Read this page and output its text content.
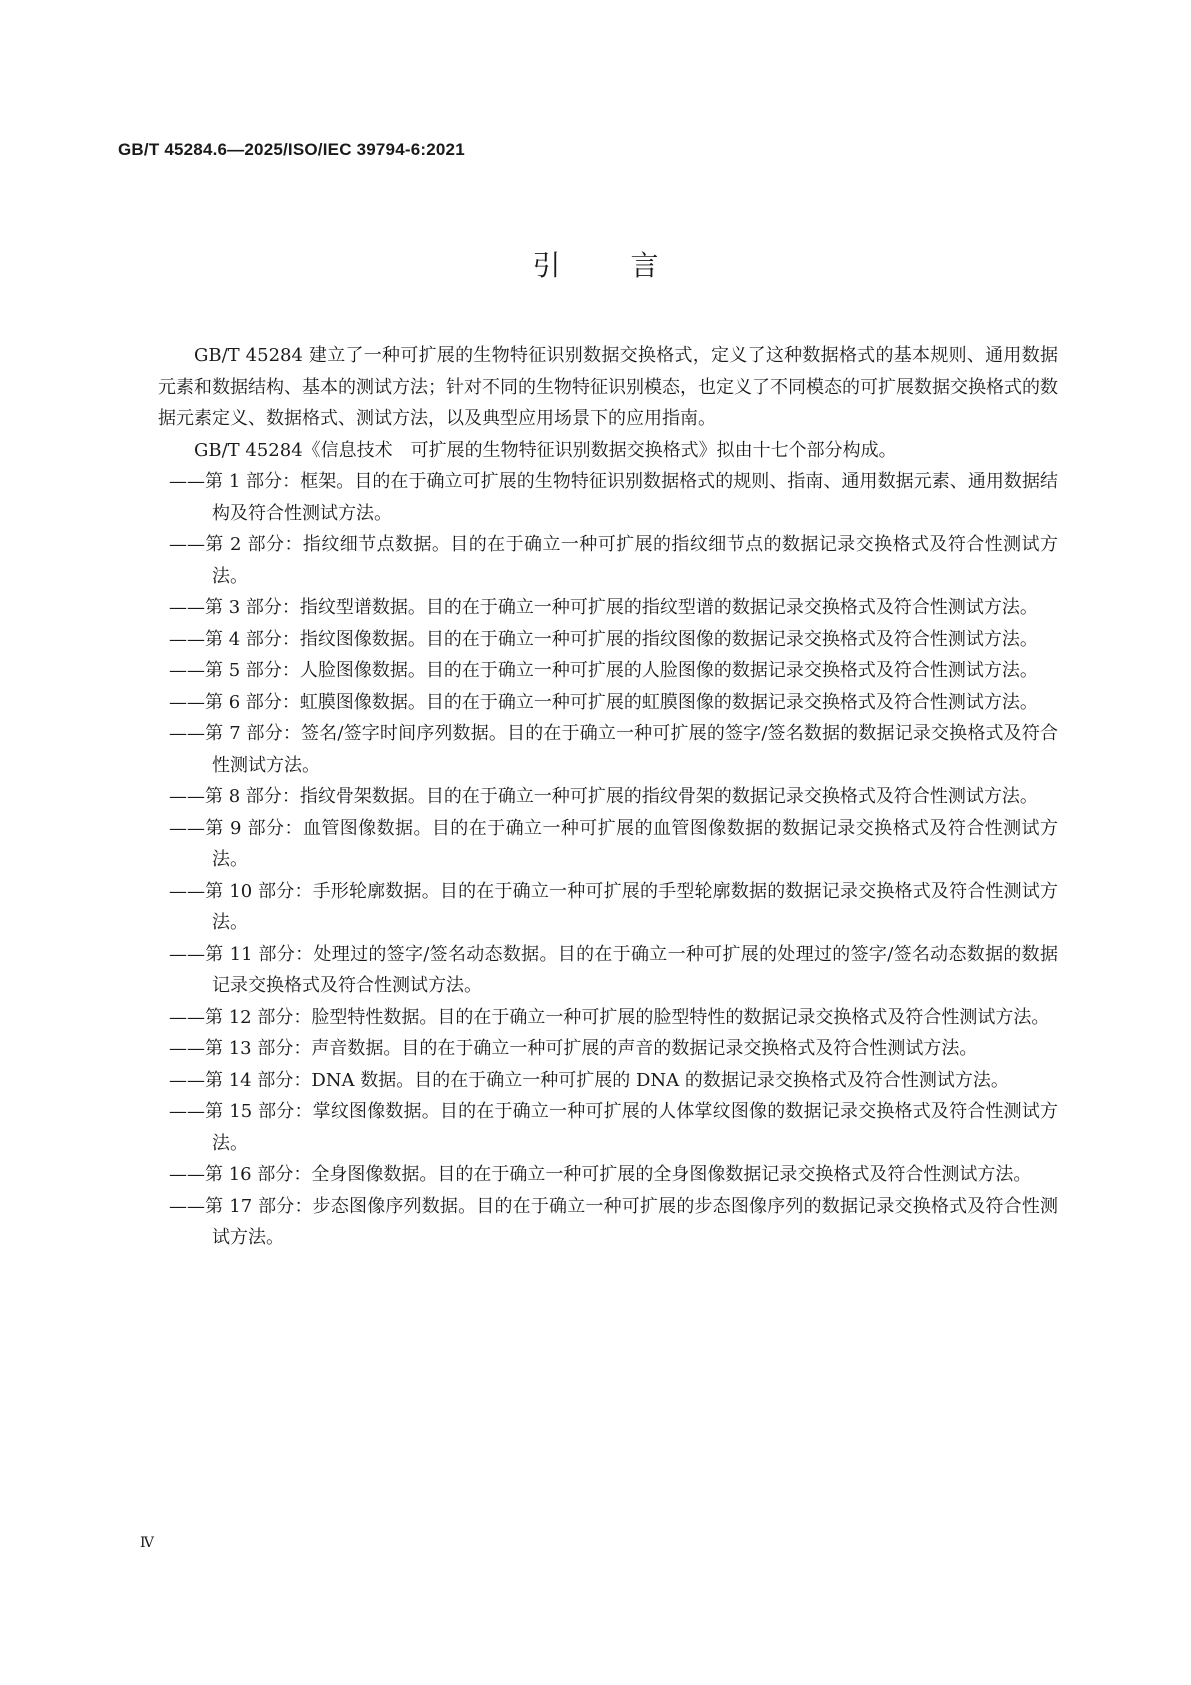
GB/T 45284.6—2025/ISO/IEC 39794-6:2021
引言

GB/T 45284 建立了一种可扩展的生物特征识别数据交换格式，定义了这种数据格式的基本规则、通用数据元素和数据结构、基本的测试方法；针对不同的生物特征识别模态，也定义了不同模态的可扩展数据交换格式的数据元素定义、数据格式、测试方法，以及典型应用场景下的应用指南。

GB/T 45284《信息技术　可扩展的生物特征识别数据交换格式》拟由十七个部分构成。

——第 1 部分：框架。目的在于确立可扩展的生物特征识别数据格式的规则、指南、通用数据元素、通用数据结构及符合性测试方法。

——第 2 部分：指纹细节点数据。目的在于确立一种可扩展的指纹细节点的数据记录交换格式及符合性测试方法。

——第 3 部分：指纹型谱数据。目的在于确立一种可扩展的指纹型谱的数据记录交换格式及符合性测试方法。

——第 4 部分：指纹图像数据。目的在于确立一种可扩展的指纹图像的数据记录交换格式及符合性测试方法。

——第 5 部分：人脸图像数据。目的在于确立一种可扩展的人脸图像的数据记录交换格式及符合性测试方法。

——第 6 部分：虹膜图像数据。目的在于确立一种可扩展的虹膜图像的数据记录交换格式及符合性测试方法。

——第 7 部分：签名/签字时间序列数据。目的在于确立一种可扩展的签字/签名数据的数据记录交换格式及符合性测试方法。

——第 8 部分：指纹骨架数据。目的在于确立一种可扩展的指纹骨架的数据记录交换格式及符合性测试方法。

——第 9 部分：血管图像数据。目的在于确立一种可扩展的血管图像数据的数据记录交换格式及符合性测试方法。

——第 10 部分：手形轮廓数据。目的在于确立一种可扩展的手型轮廓数据的数据记录交换格式及符合性测试方法。

——第 11 部分：处理过的签字/签名动态数据。目的在于确立一种可扩展的处理过的签字/签名动态数据的数据记录交换格式及符合性测试方法。

——第 12 部分：脸型特性数据。目的在于确立一种可扩展的脸型特性的数据记录交换格式及符合性测试方法。

——第 13 部分：声音数据。目的在于确立一种可扩展的声音的数据记录交换格式及符合性测试方法。

——第 14 部分：DNA 数据。目的在于确立一种可扩展的 DNA 的数据记录交换格式及符合性测试方法。

——第 15 部分：掌纹图像数据。目的在于确立一种可扩展的人体掌纹图像的数据记录交换格式及符合性测试方法。

——第 16 部分：全身图像数据。目的在于确立一种可扩展的全身图像数据记录交换格式及符合性测试方法。

——第 17 部分：步态图像序列数据。目的在于确立一种可扩展的步态图像序列的数据记录交换格式及符合性测试方法。

Ⅳ
